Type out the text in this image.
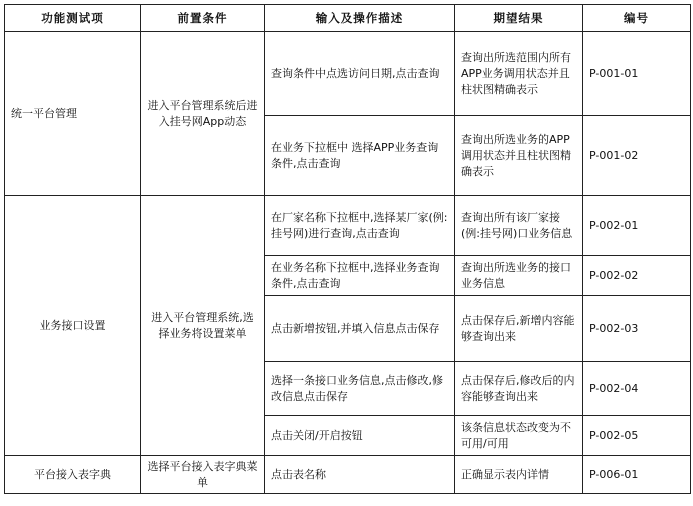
功能测试项	前置条件	输入及操作描述	期望结果	编号
统一平台管理	进入平台管理系统后进入挂号网App动态	查询条件中点选访问日期,点击查询	查询出所选范围内所有APP业务调用状态并且柱状图精确表示	P-001-01
		在业务下拉框中 选择APP业务查询条件,点击查询	查询出所选业务的APP调用状态并且柱状图精确表示	P-001-02
业务接口设置	进入平台管理系统,选择业务将设置菜单	在厂家名称下拉框中,选择某厂家(例:挂号网)进行查询,点击查询	查询出所有该厂家接(例:挂号网)口业务信息	P-002-01
		在业务名称下拉框中,选择业务查询条件,点击查询	查询出所选业务的接口业务信息	P-002-02
		点击新增按钮,并填入信息点击保存	点击保存后,新增内容能够查询出来	P-002-03
		选择一条接口业务信息,点击修改,修改信息点击保存	点击保存后,修改后的内容能够查询出来	P-002-04
		点击关闭/开启按钮	该条信息状态改变为不可用/可用	P-002-05
平台接入表字典	选择平台接入表字典菜单	点击表名称	正确显示表内详情	P-006-01
